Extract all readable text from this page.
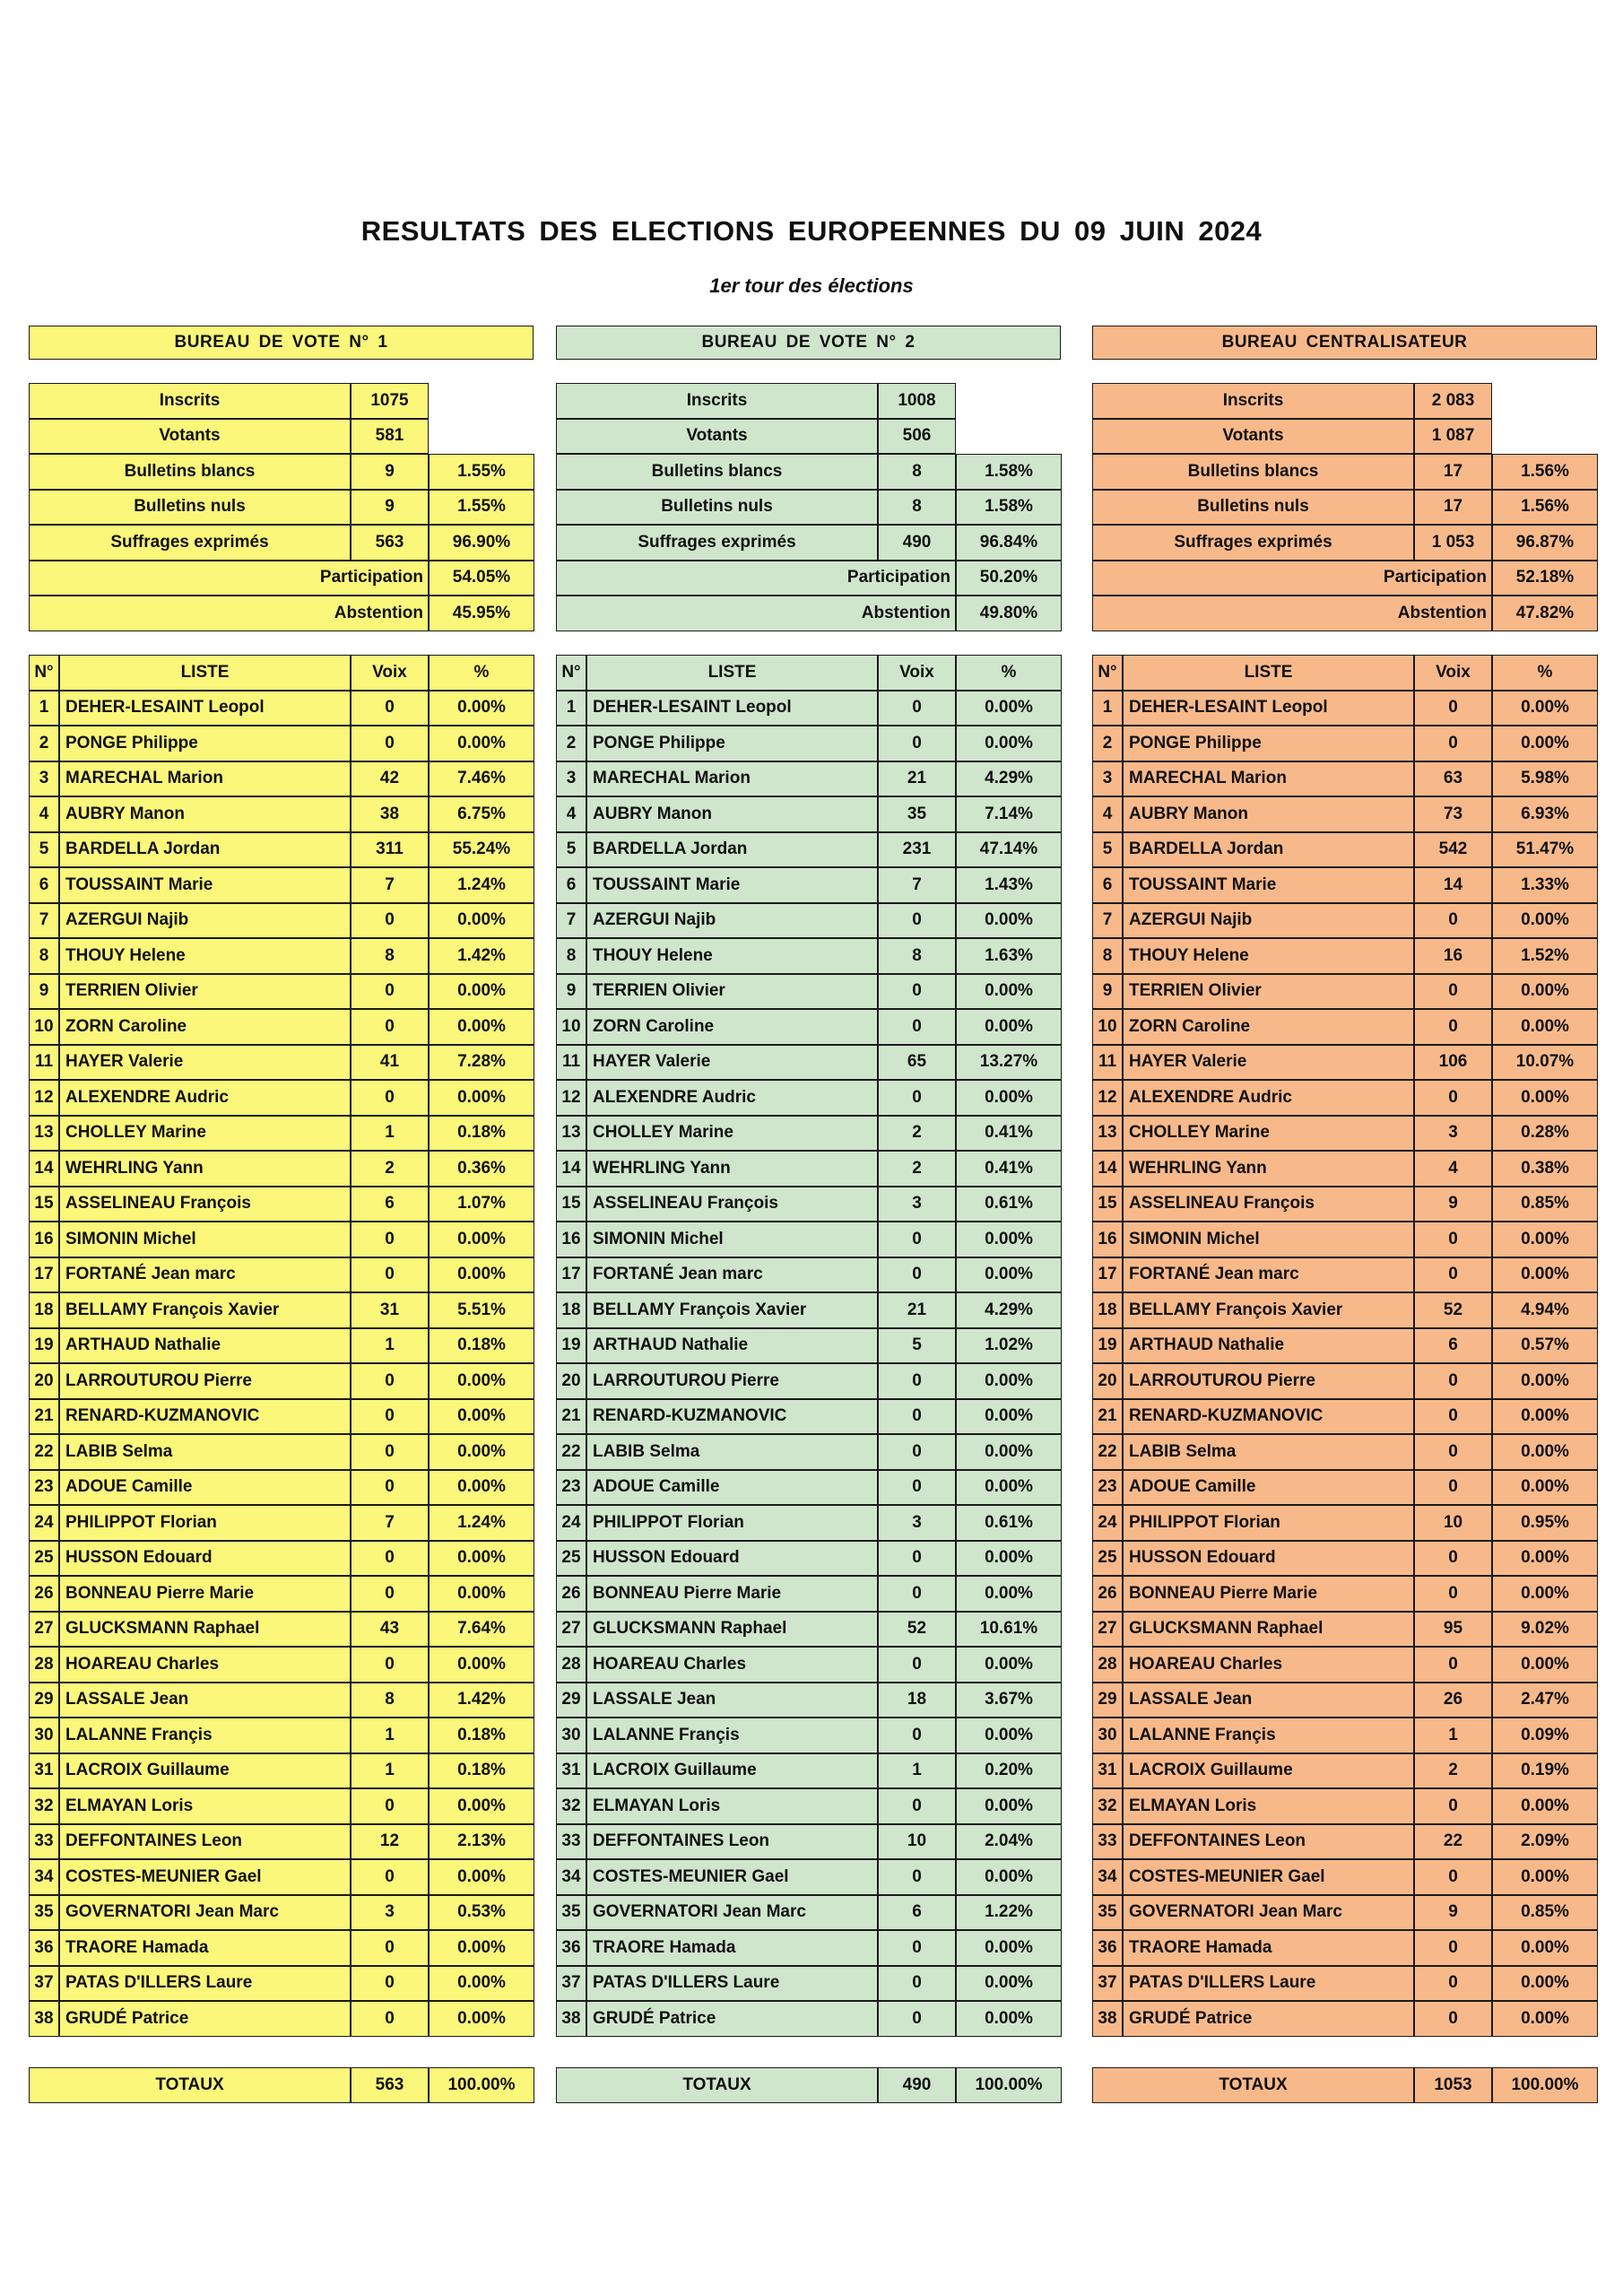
RESULTATS DES ELECTIONS EUROPEENNES DU 09 JUIN 2024
1er tour des élections
BUREAU DE VOTE N° 1
Inscrits	1075
Votants	581
Bulletins blancs	9	1.55%
Bulletins nuls	9	1.55%
Suffrages exprimés	563	96.90%
Participation	54.05%
Abstention	45.95%
N°	LISTE	Voix	%
1 DEHER-LESAINT Leopol	0	0.00%
2 PONGE Philippe	0	0.00%
3 MARECHAL Marion	42	7.46%
4 AUBRY Manon	38	6.75%
5 BARDELLA Jordan	311	55.24%
6 TOUSSAINT Marie	7	1.24%
7 AZERGUI Najib	0	0.00%
8 THOUY Helene	8	1.42%
9 TERRIEN Olivier	0	0.00%
10 ZORN Caroline	0	0.00%
11 HAYER Valerie	41	7.28%
12 ALEXENDRE Audric	0	0.00%
13 CHOLLEY Marine	1	0.18%
14 WEHRLING Yann	2	0.36%
15 ASSELINEAU François	6	1.07%
16 SIMONIN Michel	0	0.00%
17 FORTANÉ Jean marc	0	0.00%
18 BELLAMY François Xavier	31	5.51%
19 ARTHAUD Nathalie	1	0.18%
20 LARROUTUROU Pierre	0	0.00%
21 RENARD-KUZMANOVIC	0	0.00%
22 LABIB Selma	0	0.00%
23 ADOUE Camille	0	0.00%
24 PHILIPPOT Florian	7	1.24%
25 HUSSON Edouard	0	0.00%
26 BONNEAU Pierre Marie	0	0.00%
27 GLUCKSMANN Raphael	43	7.64%
28 HOAREAU Charles	0	0.00%
29 LASSALE Jean	8	1.42%
30 LALANNE Françis	1	0.18%
31 LACROIX Guillaume	1	0.18%
32 ELMAYAN Loris	0	0.00%
33 DEFFONTAINES Leon	12	2.13%
34 COSTES-MEUNIER Gael	0	0.00%
35 GOVERNATORI Jean Marc	3	0.53%
36 TRAORE Hamada	0	0.00%
37 PATAS D'ILLERS Laure	0	0.00%
38 GRUDÉ Patrice	0	0.00%
TOTAUX	563	100.00%
BUREAU DE VOTE N° 2
Inscrits	1008
Votants	506
Bulletins blancs	8	1.58%
Bulletins nuls	8	1.58%
Suffrages exprimés	490	96.84%
Participation	50.20%
Abstention	49.80%
N°	LISTE	Voix	%
1 DEHER-LESAINT Leopol	0	0.00%
2 PONGE Philippe	0	0.00%
3 MARECHAL Marion	21	4.29%
4 AUBRY Manon	35	7.14%
5 BARDELLA Jordan	231	47.14%
6 TOUSSAINT Marie	7	1.43%
7 AZERGUI Najib	0	0.00%
8 THOUY Helene	8	1.63%
9 TERRIEN Olivier	0	0.00%
10 ZORN Caroline	0	0.00%
11 HAYER Valerie	65	13.27%
12 ALEXENDRE Audric	0	0.00%
13 CHOLLEY Marine	2	0.41%
14 WEHRLING Yann	2	0.41%
15 ASSELINEAU François	3	0.61%
16 SIMONIN Michel	0	0.00%
17 FORTANÉ Jean marc	0	0.00%
18 BELLAMY François Xavier	21	4.29%
19 ARTHAUD Nathalie	5	1.02%
20 LARROUTUROU Pierre	0	0.00%
21 RENARD-KUZMANOVIC	0	0.00%
22 LABIB Selma	0	0.00%
23 ADOUE Camille	0	0.00%
24 PHILIPPOT Florian	3	0.61%
25 HUSSON Edouard	0	0.00%
26 BONNEAU Pierre Marie	0	0.00%
27 GLUCKSMANN Raphael	52	10.61%
28 HOAREAU Charles	0	0.00%
29 LASSALE Jean	18	3.67%
30 LALANNE Françis	0	0.00%
31 LACROIX Guillaume	1	0.20%
32 ELMAYAN Loris	0	0.00%
33 DEFFONTAINES Leon	10	2.04%
34 COSTES-MEUNIER Gael	0	0.00%
35 GOVERNATORI Jean Marc	6	1.22%
36 TRAORE Hamada	0	0.00%
37 PATAS D'ILLERS Laure	0	0.00%
38 GRUDÉ Patrice	0	0.00%
TOTAUX	490	100.00%
BUREAU CENTRALISATEUR
Inscrits	2 083
Votants	1 087
Bulletins blancs	17	1.56%
Bulletins nuls	17	1.56%
Suffrages exprimés	1 053	96.87%
Participation	52.18%
Abstention	47.82%
N°	LISTE	Voix	%
1 DEHER-LESAINT Leopol	0	0.00%
2 PONGE Philippe	0	0.00%
3 MARECHAL Marion	63	5.98%
4 AUBRY Manon	73	6.93%
5 BARDELLA Jordan	542	51.47%
6 TOUSSAINT Marie	14	1.33%
7 AZERGUI Najib	0	0.00%
8 THOUY Helene	16	1.52%
9 TERRIEN Olivier	0	0.00%
10 ZORN Caroline	0	0.00%
11 HAYER Valerie	106	10.07%
12 ALEXENDRE Audric	0	0.00%
13 CHOLLEY Marine	3	0.28%
14 WEHRLING Yann	4	0.38%
15 ASSELINEAU François	9	0.85%
16 SIMONIN Michel	0	0.00%
17 FORTANÉ Jean marc	0	0.00%
18 BELLAMY François Xavier	52	4.94%
19 ARTHAUD Nathalie	6	0.57%
20 LARROUTUROU Pierre	0	0.00%
21 RENARD-KUZMANOVIC	0	0.00%
22 LABIB Selma	0	0.00%
23 ADOUE Camille	0	0.00%
24 PHILIPPOT Florian	10	0.95%
25 HUSSON Edouard	0	0.00%
26 BONNEAU Pierre Marie	0	0.00%
27 GLUCKSMANN Raphael	95	9.02%
28 HOAREAU Charles	0	0.00%
29 LASSALE Jean	26	2.47%
30 LALANNE Françis	1	0.09%
31 LACROIX Guillaume	2	0.19%
32 ELMAYAN Loris	0	0.00%
33 DEFFONTAINES Leon	22	2.09%
34 COSTES-MEUNIER Gael	0	0.00%
35 GOVERNATORI Jean Marc	9	0.85%
36 TRAORE Hamada	0	0.00%
37 PATAS D'ILLERS Laure	0	0.00%
38 GRUDÉ Patrice	0	0.00%
TOTAUX	1053	100.00%
